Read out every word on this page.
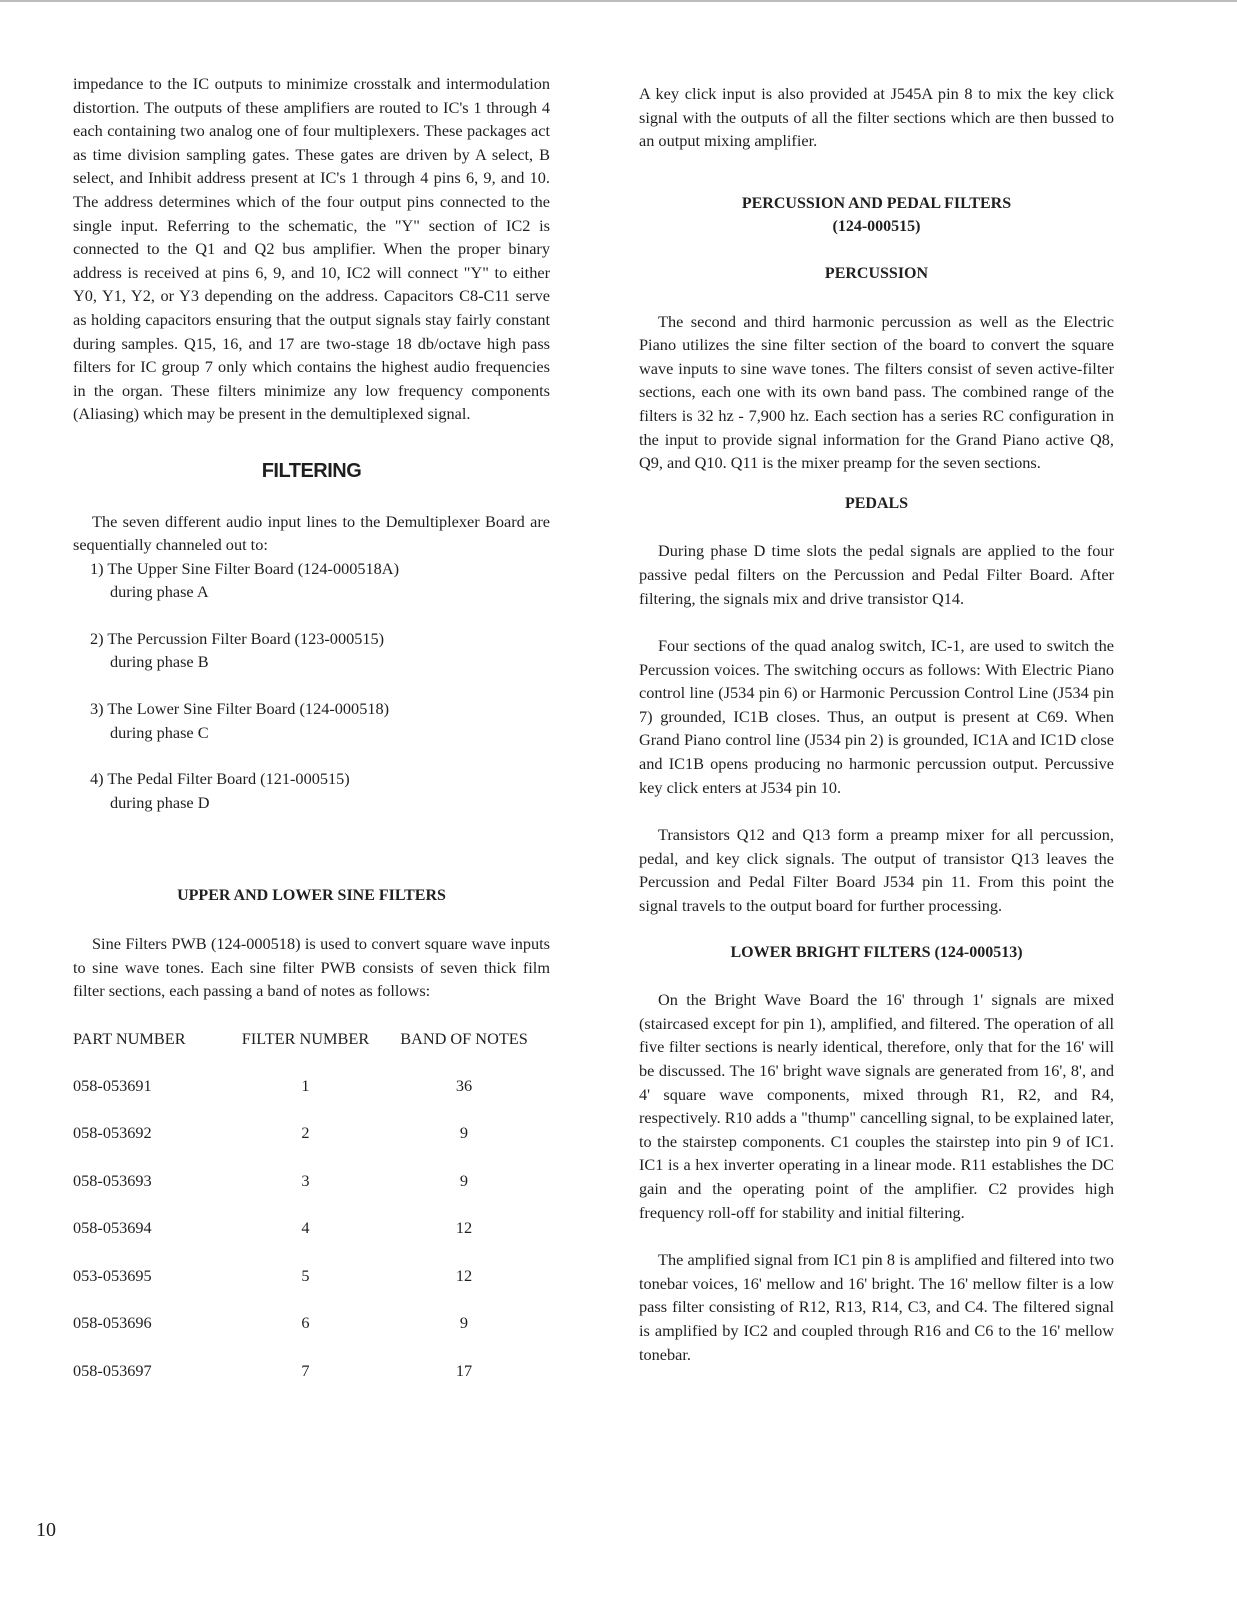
impedance to the IC outputs to minimize crosstalk and intermodulation distortion. The outputs of these amplifiers are routed to IC's 1 through 4 each containing two analog one of four multiplexers. These packages act as time division sampling gates. These gates are driven by A select, B select, and Inhibit address present at IC's 1 through 4 pins 6, 9, and 10. The address determines which of the four output pins connected to the single input. Referring to the schematic, the "Y" section of IC2 is connected to the Q1 and Q2 bus amplifier. When the proper binary address is received at pins 6, 9, and 10, IC2 will connect "Y" to either Y0, Y1, Y2, or Y3 depending on the address. Capacitors C8-C11 serve as holding capacitors ensuring that the output signals stay fairly constant during samples. Q15, 16, and 17 are two-stage 18 db/octave high pass filters for IC group 7 only which contains the highest audio frequencies in the organ. These filters minimize any low frequency components (Aliasing) which may be present in the demultiplexed signal.

FILTERING

The seven different audio input lines to the Demultiplexer Board are sequentially channeled out to:

1) The Upper Sine Filter Board (124-000518A)
during phase A
2) The Percussion Filter Board (123-000515)
during phase B
3) The Lower Sine Filter Board (124-000518)
during phase C
4) The Pedal Filter Board (121-000515)
during phase D
UPPER AND LOWER SINE FILTERS

Sine Filters PWB (124-000518) is used to convert square wave inputs to sine wave tones. Each sine filter PWB consists of seven thick film filter sections, each passing a band of notes as follows:

PART NUMBER	FILTER NUMBER	BAND OF NOTES
058-053691	1	36
058-053692	2	9
058-053693	3	9
058-053694	4	12
053-053695	5	12
058-053696	6	9
058-053697	7	17

A key click input is also provided at J545A pin 8 to mix the key click signal with the outputs of all the filter sections which are then bussed to an output mixing amplifier.

PERCUSSION AND PEDAL FILTERS
(124-000515)
PERCUSSION

The second and third harmonic percussion as well as the Electric Piano utilizes the sine filter section of the board to convert the square wave inputs to sine wave tones. The filters consist of seven active-filter sections, each one with its own band pass. The combined range of the filters is 32 hz - 7,900 hz. Each section has a series RC configuration in the input to provide signal information for the Grand Piano active Q8, Q9, and Q10. Q11 is the mixer preamp for the seven sections.

PEDALS

During phase D time slots the pedal signals are applied to the four passive pedal filters on the Percussion and Pedal Filter Board. After filtering, the signals mix and drive transistor Q14.

Four sections of the quad analog switch, IC-1, are used to switch the Percussion voices. The switching occurs as follows: With Electric Piano control line (J534 pin 6) or Harmonic Percussion Control Line (J534 pin 7) grounded, IC1B closes. Thus, an output is present at C69. When Grand Piano control line (J534 pin 2) is grounded, IC1A and IC1D close and IC1B opens producing no harmonic percussion output. Percussive key click enters at J534 pin 10.

Transistors Q12 and Q13 form a preamp mixer for all percussion, pedal, and key click signals. The output of transistor Q13 leaves the Percussion and Pedal Filter Board J534 pin 11. From this point the signal travels to the output board for further processing.

LOWER BRIGHT FILTERS (124-000513)

On the Bright Wave Board the 16' through 1' signals are mixed (staircased except for pin 1), amplified, and filtered. The operation of all five filter sections is nearly identical, therefore, only that for the 16' will be discussed. The 16' bright wave signals are generated from 16', 8', and 4' square wave components, mixed through R1, R2, and R4, respectively. R10 adds a "thump" cancelling signal, to be explained later, to the stairstep components. C1 couples the stairstep into pin 9 of IC1. IC1 is a hex inverter operating in a linear mode. R11 establishes the DC gain and the operating point of the amplifier. C2 provides high frequency roll-off for stability and initial filtering.

The amplified signal from IC1 pin 8 is amplified and filtered into two tonebar voices, 16' mellow and 16' bright. The 16' mellow filter is a low pass filter consisting of R12, R13, R14, C3, and C4. The filtered signal is amplified by IC2 and coupled through R16 and C6 to the 16' mellow tonebar.

10
